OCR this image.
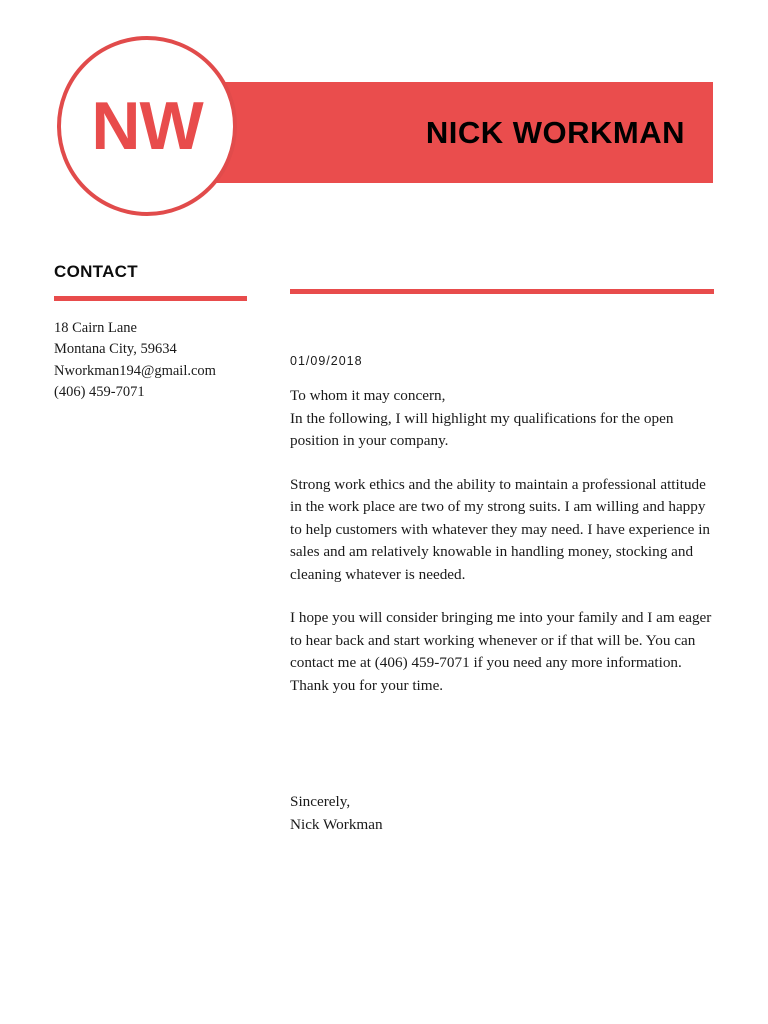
NICK WORKMAN
NW
CONTACT
18 Cairn Lane
Montana City, 59634
Nworkman194@gmail.com
(406) 459-7071
01/09/2018

To whom it may concern,

In the following, I will highlight my qualifications for the open position in your company.

Strong work ethics and the ability to maintain a professional attitude in the work place are two of my strong suits. I am willing and happy to help customers with whatever they may need. I have experience in sales and am relatively knowable in handling money, stocking and cleaning whatever is needed.

I hope you will consider bringing me into your family and I am eager to hear back and start working whenever or if that will be. You can contact me at (406) 459-7071 if you need any more information. Thank you for your time.

Sincerely,
Nick Workman
